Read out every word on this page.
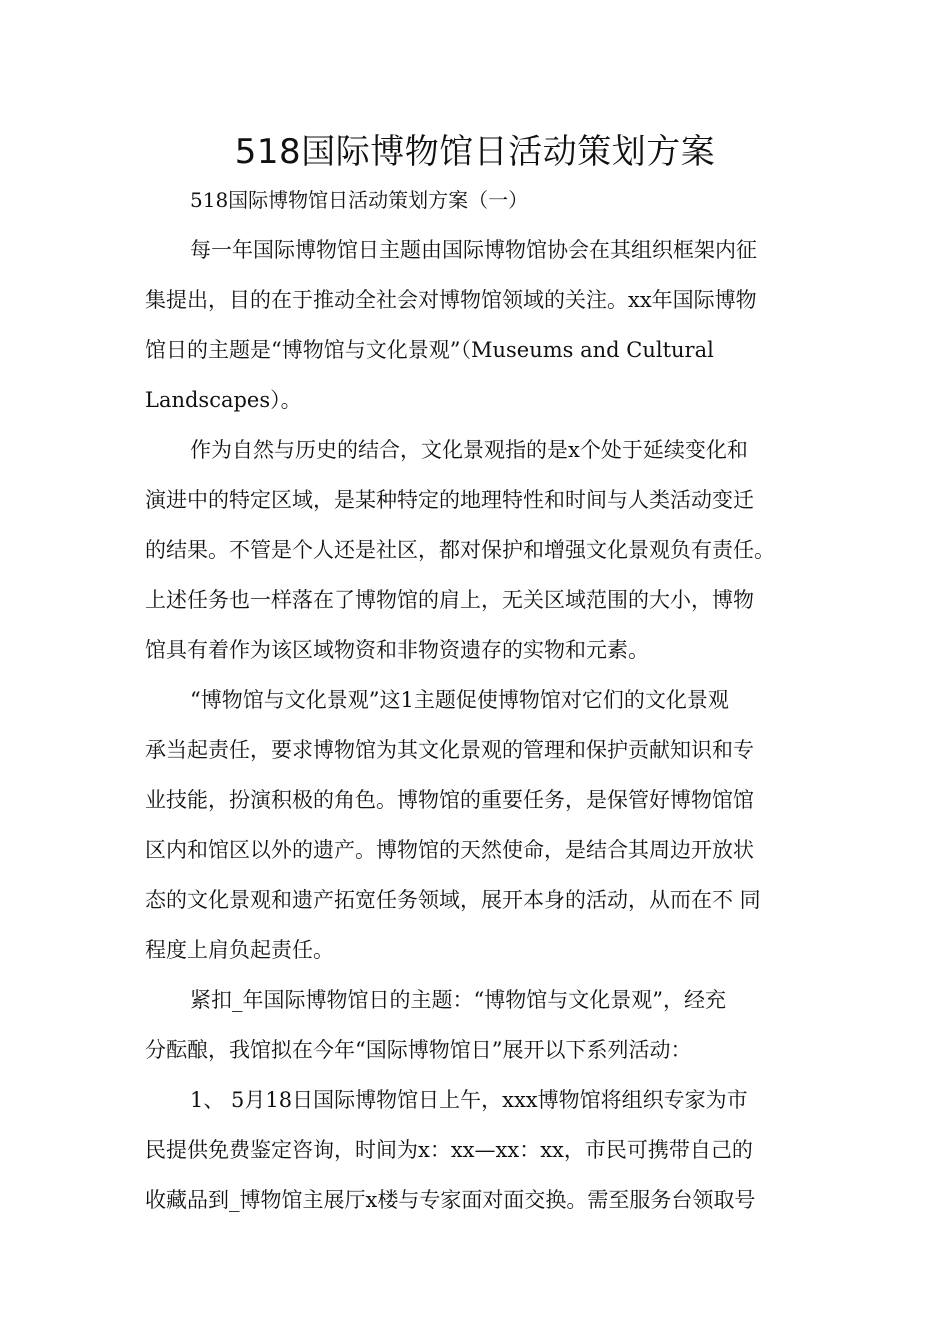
518国际博物馆日活动策划方案
518国际博物馆日活动策划方案（一）
每一年国际博物馆日主题由国际博物馆协会在其组织框架内征
集提出，目的在于推动全社会对博物馆领域的关注。xx年国际博物
馆日的主题是“博物馆与文化景观”（Museums and Cultural
Landscapes）。
作为自然与历史的结合，文化景观指的是x个处于延续变化和
演进中的特定区域，是某种特定的地理特性和时间与人类活动变迁
的结果。不管是个人还是社区，都对保护和增强文化景观负有责任。
上述任务也一样落在了博物馆的肩上，无关区域范围的大小，博物
馆具有着作为该区域物资和非物资遗存的实物和元素。
“博物馆与文化景观”这1主题促使博物馆对它们的文化景观
承当起责任，要求博物馆为其文化景观的管理和保护贡献知识和专
业技能，扮演积极的角色。博物馆的重要任务，是保管好博物馆馆
区内和馆区以外的遗产。博物馆的天然使命，是结合其周边开放状
态的文化景观和遗产拓宽任务领域，展开本身的活动，从而在不 同
程度上肩负起责任。
紧扣_年国际博物馆日的主题：“博物馆与文化景观”，经充
分酝酿，我馆拟在今年“国际博物馆日”展开以下系列活动：
1、 5月18日国际博物馆日上午，xxx博物馆将组织专家为市
民提供免费鉴定咨询，时间为x：xx—xx：xx，市民可携带自己的
收藏品到_博物馆主展厅x楼与专家面对面交换。需至服务台领取号
